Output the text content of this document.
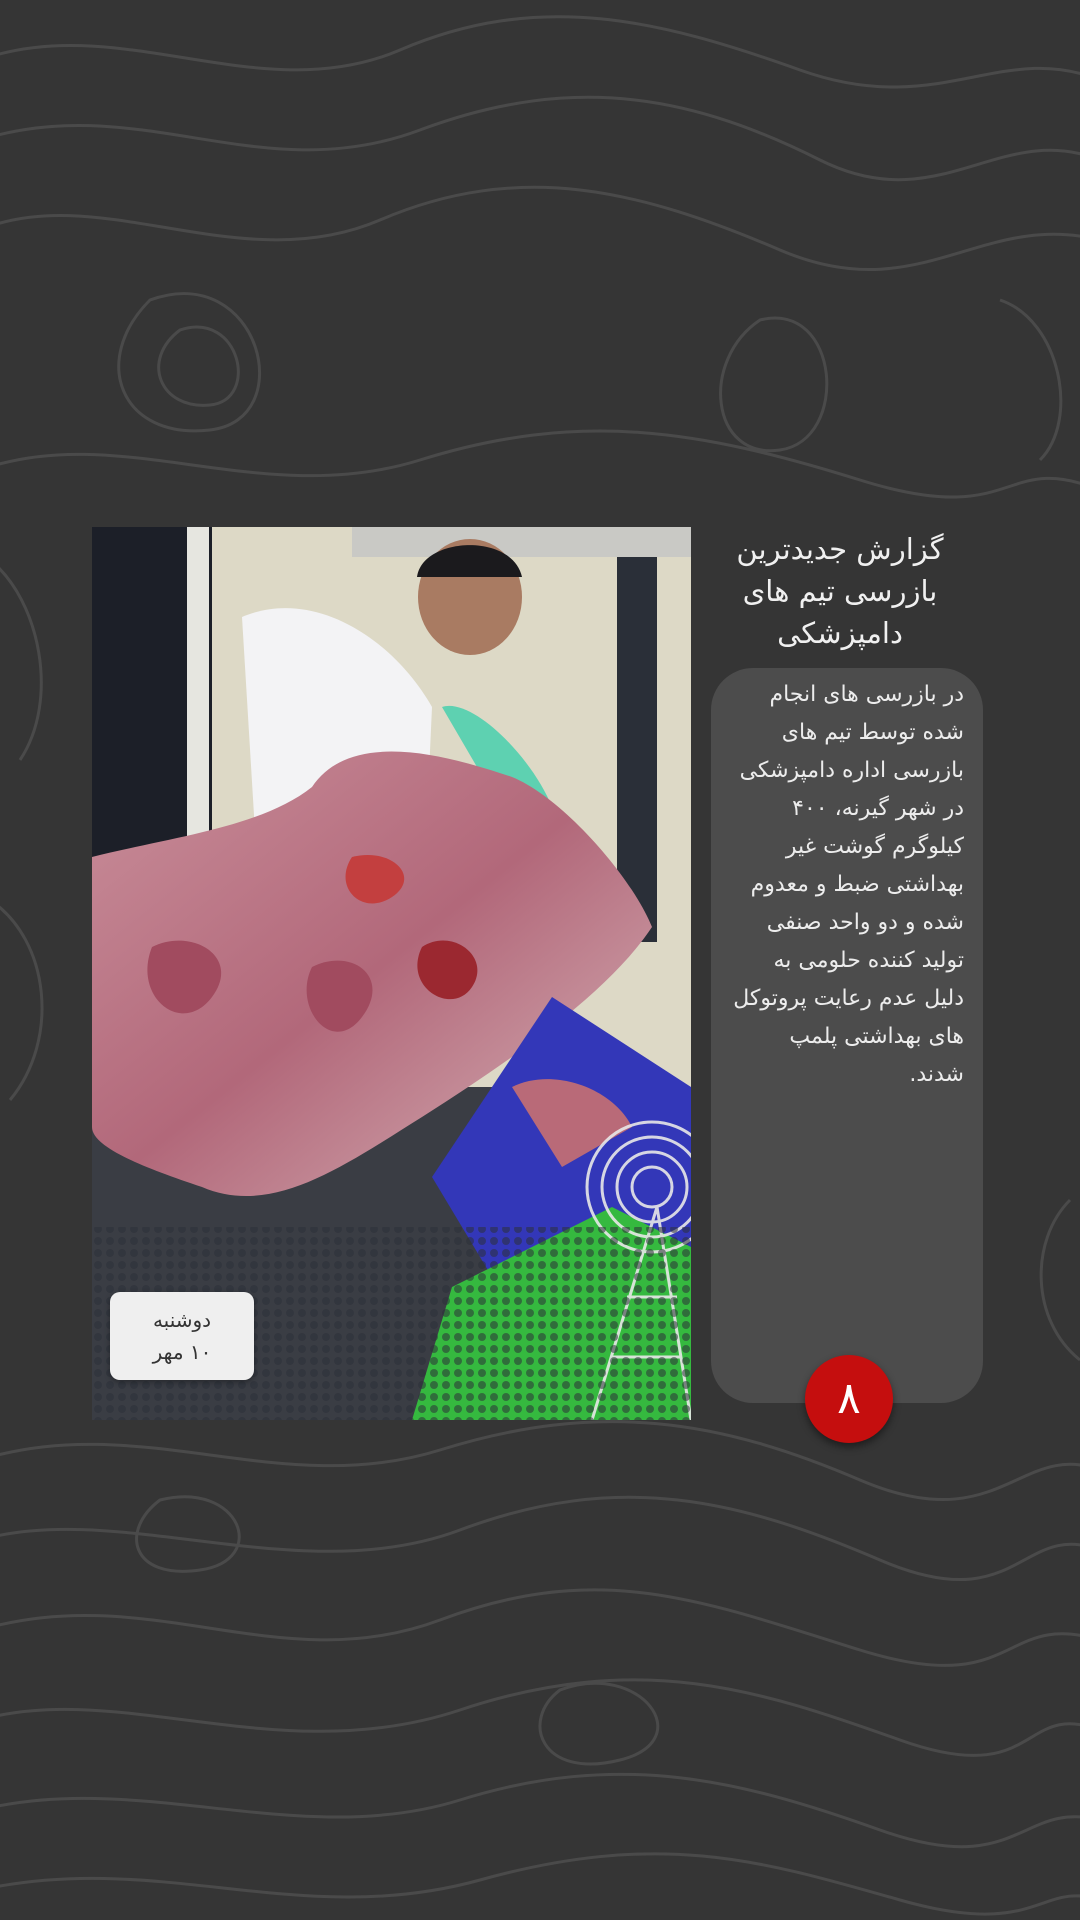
دوشنبه
۱۰ مهر
گزارش جدیدترین بازرسی تیم های دامپزشکی
در بازرسی های انجام شده توسط تیم های بازرسی اداره دامپزشکی در شهر گیرنه، ۴۰۰ کیلوگرم گوشت غیر بهداشتی ضبط و معدوم شده و دو واحد صنفی تولید کننده حلومی به دلیل عدم رعایت پروتوکل های بهداشتی پلمپ شدند.
۸
